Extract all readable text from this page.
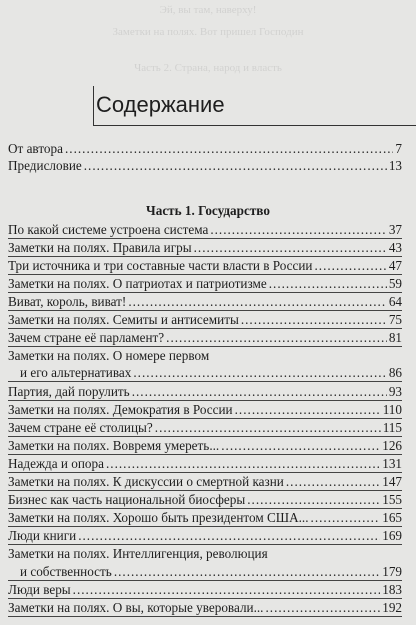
Эй, вы там, наверху!
Заметки на полях. Вот пришел Господин
Часть 2. Страна, народ и власть
Содержание
От автора .....	7
Предисловие .....	13
Часть 1. Государство
По какой системе устроена система .....	37
Заметки на полях. Правила игры .....	43
Три источника и три составные части власти в России .....	47
Заметки на полях. О патриотах и патриотизме .....	59
Виват, король, виват! .....	64
Заметки на полях. Семиты и антисемиты .....	75
Зачем стране её парламент? .....	81
Заметки на полях. О номере первом
и его альтернативах .....	86
Партия, дай порулить .....	93
Заметки на полях. Демократия в России .....	110
Зачем стране её столицы? .....	115
Заметки на полях. Вовремя умереть... .....	126
Надежда и опора .....	131
Заметки на полях. К дискуссии о смертной казни .....	147
Бизнес как часть национальной биосферы .....	155
Заметки на полях. Хорошо быть президентом США... .....	165
Люди книги .....	169
Заметки на полях. Интеллигенция, революция
и собственность .....	179
Люди веры .....	183
Заметки на полях. О вы, которые уверовали... .....	192
